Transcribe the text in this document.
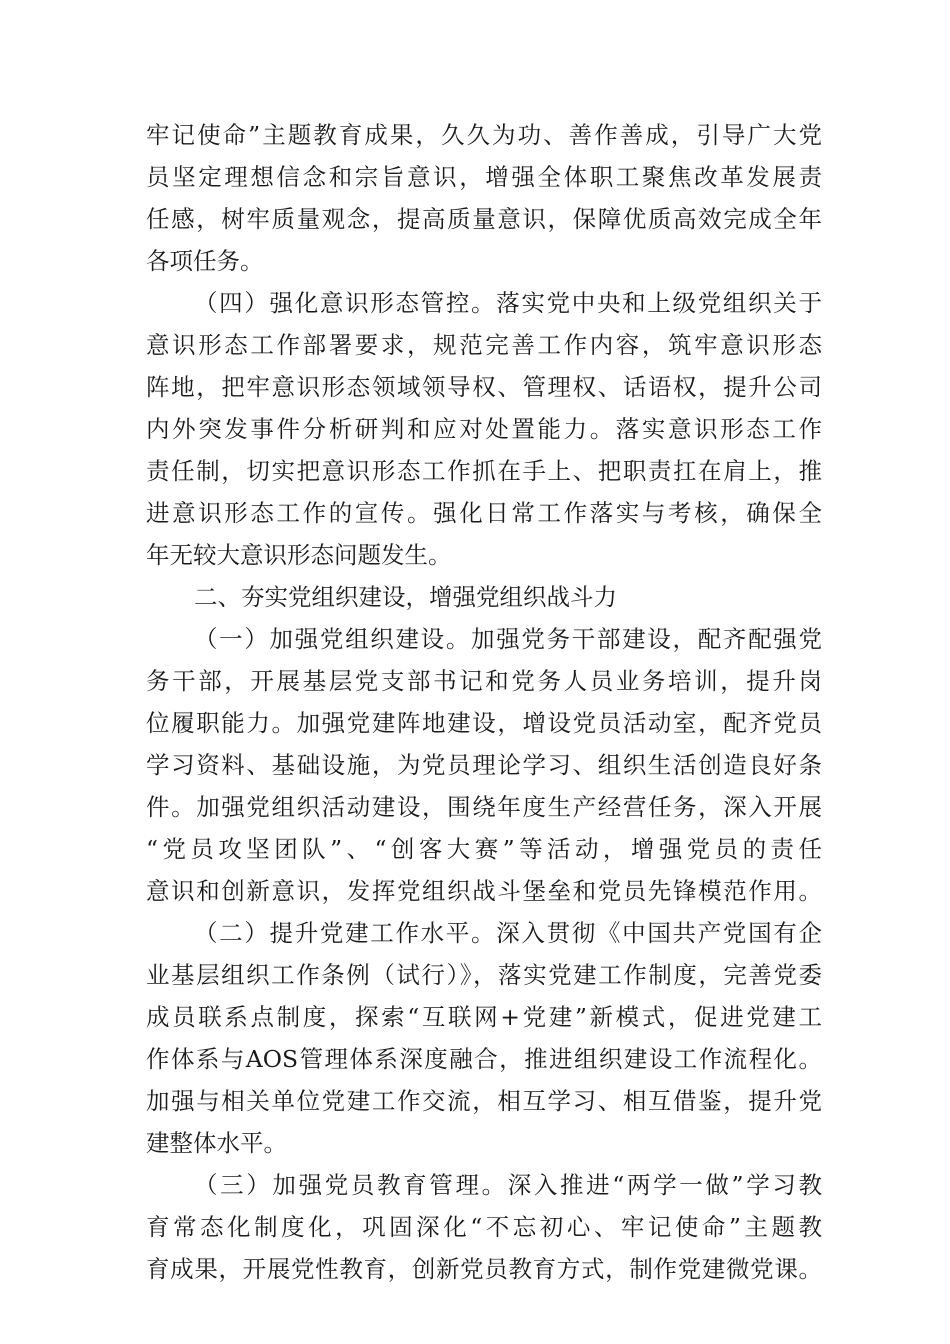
牢记使命”主题教育成果，久久为功、善作善成，引导广大党
员坚定理想信念和宗旨意识，增强全体职工聚焦改革发展责
任感，树牢质量观念，提高质量意识，保障优质高效完成全年
各项任务。
（四）强化意识形态管控。落实党中央和上级党组织关于
意识形态工作部署要求，规范完善工作内容，筑牢意识形态
阵地，把牢意识形态领域领导权、管理权、话语权，提升公司
内外突发事件分析研判和应对处置能力。落实意识形态工作
责任制，切实把意识形态工作抓在手上、把职责扛在肩上，推
进意识形态工作的宣传。强化日常工作落实与考核，确保全
年无较大意识形态问题发生。
二、夯实党组织建设，增强党组织战斗力
（一）加强党组织建设。加强党务干部建设，配齐配强党
务干部，开展基层党支部书记和党务人员业务培训，提升岗
位履职能力。加强党建阵地建设，增设党员活动室，配齐党员
学习资料、基础设施，为党员理论学习、组织生活创造良好条
件。加强党组织活动建设，围绕年度生产经营任务，深入开展
“党员攻坚团队”、“创客大赛”等活动，增强党员的责任
意识和创新意识，发挥党组织战斗堡垒和党员先锋模范作用。
（二）提升党建工作水平。深入贯彻《中国共产党国有企
业基层组织工作条例（试行）》，落实党建工作制度，完善党委
成员联系点制度，探索“互联网+党建”新模式，促进党建工
作体系与AOS管理体系深度融合，推进组织建设工作流程化。
加强与相关单位党建工作交流，相互学习、相互借鉴，提升党
建整体水平。
（三）加强党员教育管理。深入推进“两学一做”学习教
育常态化制度化，巩固深化“不忘初心、牢记使命”主题教
育成果，开展党性教育，创新党员教育方式，制作党建微党课。
